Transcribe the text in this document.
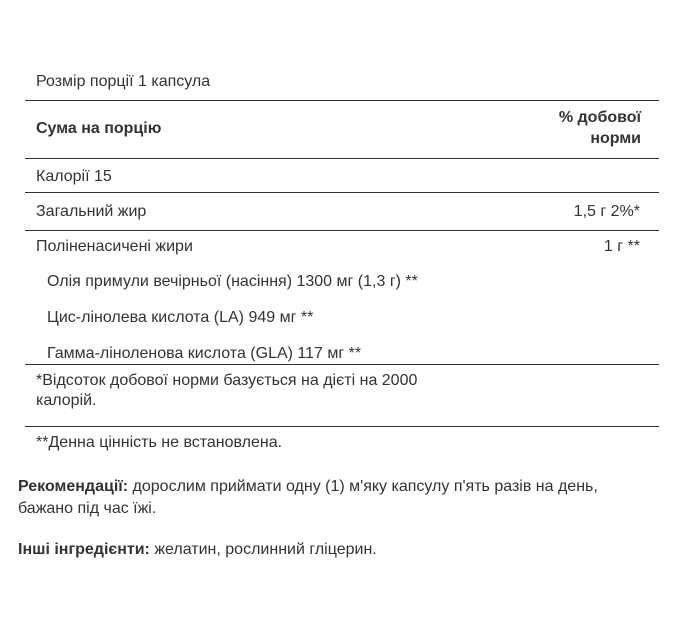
Розмір порції 1 капсула
Сума на порцію
% добової
норми
Калорії 15
Загальний жир	1,5 г 2%*
Поліненасичені жири	1 г **
Олія примули вечірньої (насіння) 1300 мг (1,3 г) **
Цис-лінолева кислота (LA) 949 мг **
Гамма-ліноленова кислота (GLA) 117 мг **
*Відсоток добової норми базується на дієті на 2000 калорій.
**Денна цінність не встановлена.
Рекомендації: дорослим приймати одну (1) м'яку капсулу п'ять разів на день, бажано під час їжі.
Інші інгредієнти: желатин, рослинний гліцерин.
